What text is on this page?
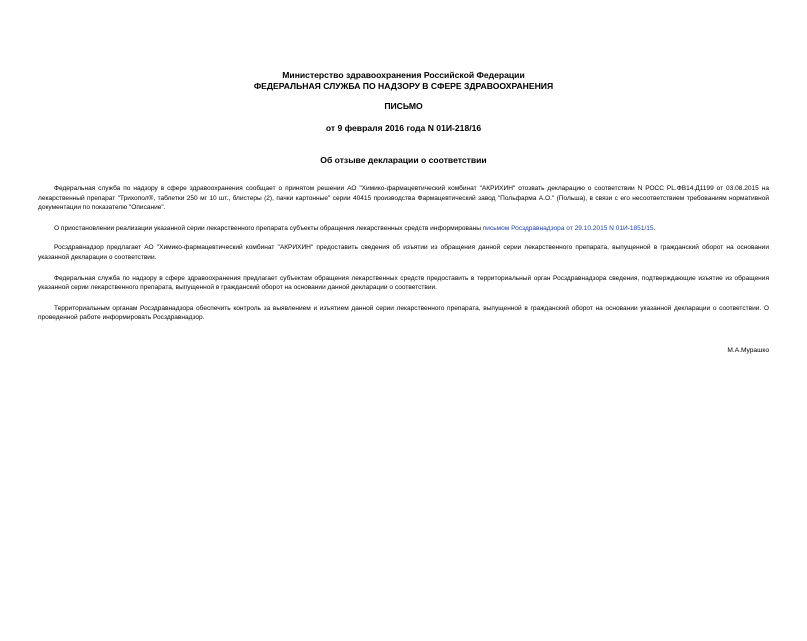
Министерство здравоохранения Российской Федерации
ФЕДЕРАЛЬНАЯ СЛУЖБА ПО НАДЗОРУ В СФЕРЕ ЗДРАВООХРАНЕНИЯ
ПИСЬМО
от 9 февраля 2016 года N 01И-218/16
Об отзыве декларации о соответствии

Федеральная служба по надзору в сфере здравоохранения сообщает о принятом решении АО "Химико-фармацевтический комбинат "АКРИХИН" отозвать декларацию о соответствии N РОСС PL.ФВ14.Д1199 от 03.08.2015 на лекарственный препарат "Трихопол®, таблетки 250 мг 10 шт., блистеры (2), пачки картонные" серии 40415 производства Фармацевтический завод "Польфарма А.О." (Польша), в связи с его несоответствием требованиям нормативной документации по показателю "Описание".

О приостановлении реализации указанной серии лекарственного препарата субъекты обращения лекарственных средств информированы письмом Росздравнадзора от 29.10.2015 N 01И-1851/15.

Росздравнадзор предлагает АО "Химико-фармацевтический комбинат "АКРИХИН" предоставить сведения об изъятии из обращения данной серии лекарственного препарата, выпущенной в гражданский оборот на основании указанной декларации о соответствии.

Федеральная служба по надзору в сфере здравоохранения предлагает субъектам обращения лекарственных средств предоставить в территориальный орган Росздравнадзора сведения, подтверждающие изъятие из обращения указанной серии лекарственного препарата, выпущенной в гражданский оборот на основании данной декларации о соответствии.

Территориальным органам Росздравнадзора обеспечить контроль за выявлением и изъятием данной серии лекарственного препарата, выпущенной в гражданский оборот на основании указанной декларации о соответствии. О проведенной работе информировать Росздравнадзор.

М.А.Мурашко
